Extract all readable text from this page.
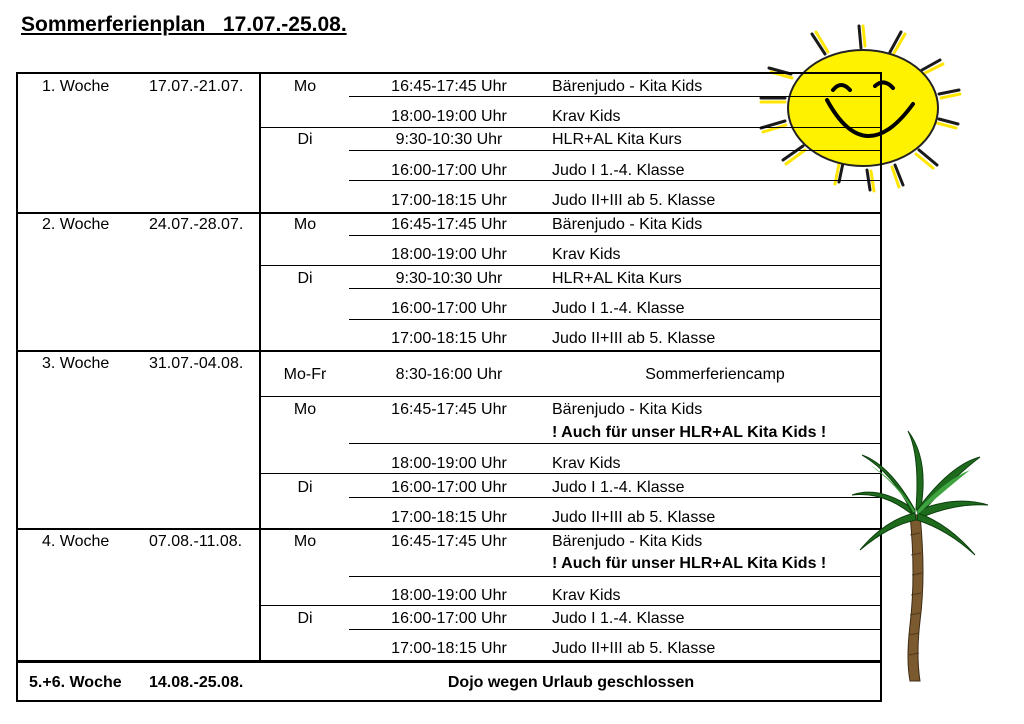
Sommerferienplan   17.07.-25.08.
1. Woche 17.07.-21.07.	Mo	16:45-17:45 Uhr	Bärenjudo - Kita Kids
18:00-19:00 Uhr	Krav Kids
Di	9:30-10:30 Uhr	HLR+AL Kita Kurs
16:00-17:00 Uhr	Judo I 1.-4. Klasse
17:00-18:15 Uhr	Judo II+III ab 5. Klasse
2. Woche 24.07.-28.07.	Mo	16:45-17:45 Uhr	Bärenjudo - Kita Kids
18:00-19:00 Uhr	Krav Kids
Di	9:30-10:30 Uhr	HLR+AL Kita Kurs
16:00-17:00 Uhr	Judo I 1.-4. Klasse
17:00-18:15 Uhr	Judo II+III ab 5. Klasse
3. Woche 31.07.-04.08.
Mo-Fr	8:30-16:00 Uhr	Sommerferiencamp
Mo	16:45-17:45 Uhr	Bärenjudo - Kita Kids
! Auch für unser HLR+AL Kita Kids !
18:00-19:00 Uhr	Krav Kids
Di	16:00-17:00 Uhr	Judo I 1.-4. Klasse
17:00-18:15 Uhr	Judo II+III ab 5. Klasse
4. Woche 07.08.-11.08.	Mo	16:45-17:45 Uhr	Bärenjudo - Kita Kids
! Auch für unser HLR+AL Kita Kids !
18:00-19:00 Uhr	Krav Kids
Di	16:00-17:00 Uhr	Judo I 1.-4. Klasse
17:00-18:15 Uhr	Judo II+III ab 5. Klasse
5.+6. Woche 14.08.-25.08.	Dojo wegen Urlaub geschlossen
